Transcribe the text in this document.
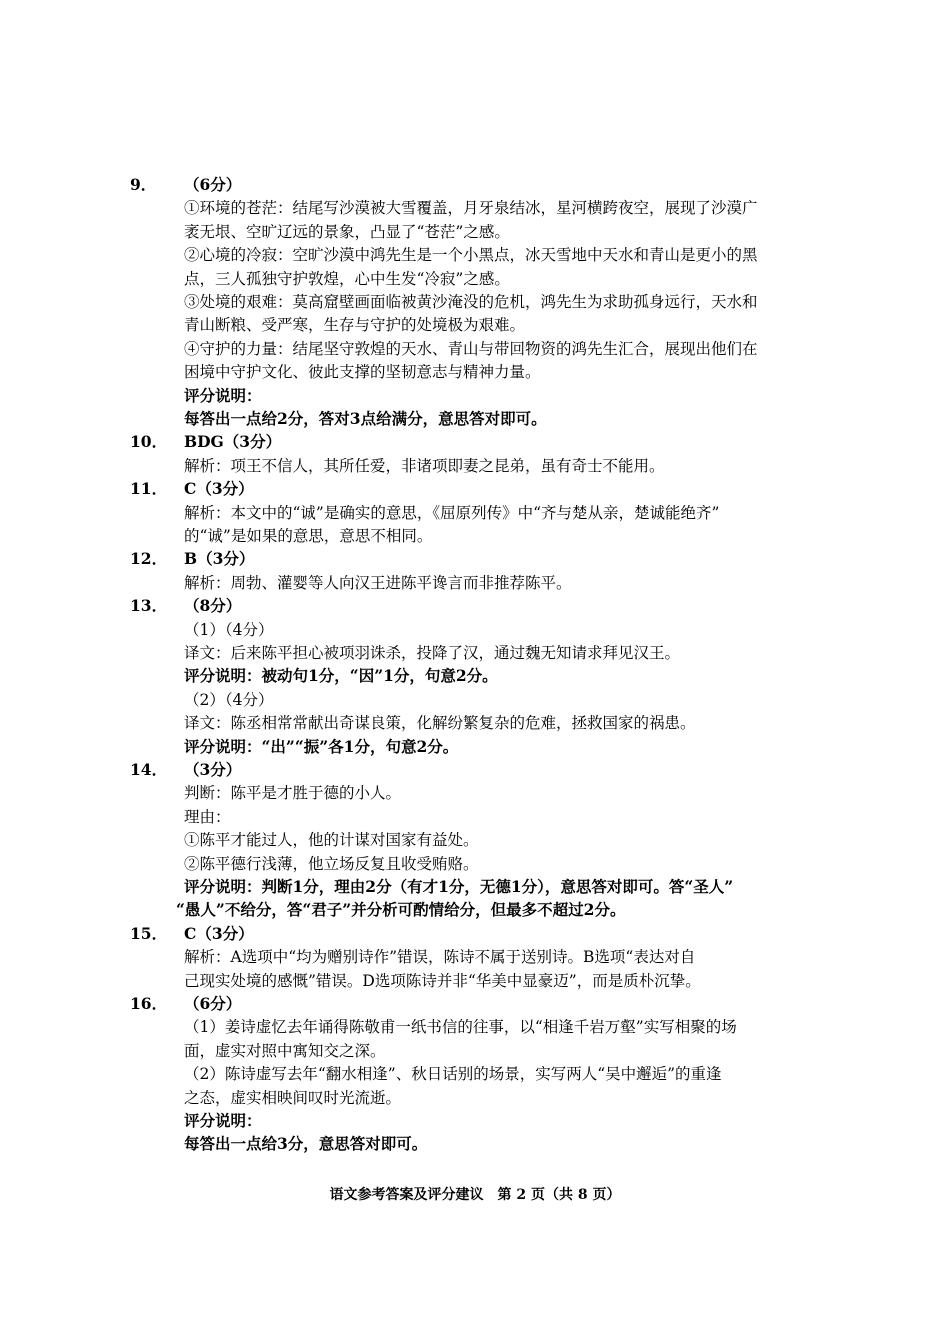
9． （6分）
①环境的苍茫：结尾写沙漠被大雪覆盖，月牙泉结冰，星河横跨夜空，展现了沙漠广
袤无垠、空旷辽远的景象，凸显了“苍茫”之感。
②心境的冷寂：空旷沙漠中鸿先生是一个小黑点，冰天雪地中天水和青山是更小的黑
点，三人孤独守护敦煌，心中生发“冷寂”之感。
③处境的艰难：莫高窟壁画面临被黄沙淹没的危机，鸿先生为求助孤身远行，天水和
青山断粮、受严寒，生存与守护的处境极为艰难。
④守护的力量：结尾坚守敦煌的天水、青山与带回物资的鸿先生汇合，展现出他们在
困境中守护文化、彼此支撑的坚韧意志与精神力量。
评分说明：
每答出一点给2分，答对3点给满分，意思答对即可。
10． BDG（3分）
解析：项王不信人，其所任爱，非诸项即妻之昆弟，虽有奇士不能用。
11． C（3分）
解析：本文中的“诚”是确实的意思，《屈原列传》中“齐与楚从亲，楚诚能绝齐”
的“诚”是如果的意思，意思不相同。
12． B（3分）
解析：周勃、灌婴等人向汉王进陈平谗言而非推荐陈平。
13． （8分）
（1）（4分）
译文：后来陈平担心被项羽诛杀，投降了汉，通过魏无知请求拜见汉王。
评分说明：被动句1分，“因”1分，句意2分。
（2）（4分）
译文：陈丞相常常献出奇谋良策，化解纷繁复杂的危难，拯救国家的祸患。
评分说明：“出”“振”各1分，句意2分。
14． （3分）
判断：陈平是才胜于德的小人。
理由：
①陈平才能过人，他的计谋对国家有益处。
②陈平德行浅薄，他立场反复且收受贿赂。
评分说明：判断1分，理由2分（有才1分，无德1分），意思答对即可。答“圣人”
“愚人”不给分，答“君子”并分析可酌情给分，但最多不超过2分。
15． C（3分）
解析：A选项中“均为赠别诗作”错误，陈诗不属于送别诗。B选项“表达对自
己现实处境的感慨”错误。D选项陈诗并非“华美中显豪迈”，而是质朴沉挚。
16． （6分）
（1）姜诗虚忆去年诵得陈敬甫一纸书信的往事，以“相逢千岩万壑”实写相聚的场
面，虚实对照中寓知交之深。
（2）陈诗虚写去年“翻水相逢”、秋日话别的场景，实写两人“吴中邂逅”的重逢
之态，虚实相映间叹时光流逝。
评分说明：
每答出一点给3分，意思答对即可。
语文参考答案及评分建议　第 2 页（共 8 页）
